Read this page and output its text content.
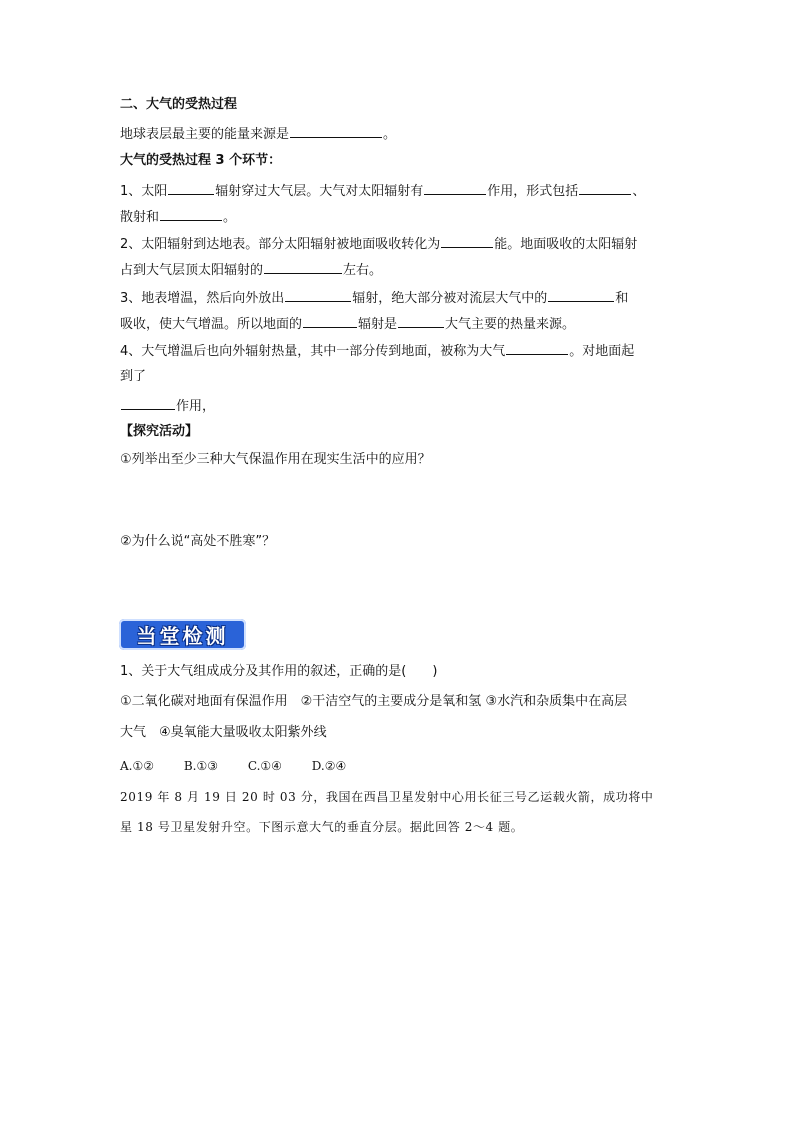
二、大气的受热过程
地球表层最主要的能量来源是	。
大气的受热过程 3 个环节：
1、太阳	辐射穿过大气层。大气对太阳辐射有	作用，形式包括	、
散射和	。
2、太阳辐射到达地表。部分太阳辐射被地面吸收转化为	能。地面吸收的太阳辐射
占到大气层顶太阳辐射的	左右。
3、地表增温，然后向外放出	辐射，绝大部分被对流层大气中的	和
吸收，使大气增温。所以地面的	辐射是	大气主要的热量来源。
4、大气增温后也向外辐射热量，其中一部分传到地面，被称为大气	。对地面起
到了
作用，
【探究活动】
①列举出至少三种大气保温作用在现实生活中的应用？
②为什么说“高处不胜寒”？
当堂检测
1、关于大气组成成分及其作用的叙述，正确的是(　　)
①二氧化碳对地面有保温作用　②干洁空气的主要成分是氧和氢 ③水汽和杂质集中在高层
大气　④臭氧能大量吸收太阳紫外线
A.①② B.①③ C.①④ D.②④
2019 年 8 月 19 日 20 时 03 分，我国在西昌卫星发射中心用长征三号乙运载火箭，成功将中
星 18 号卫星发射升空。下图示意大气的垂直分层。据此回答 2～4 题。
